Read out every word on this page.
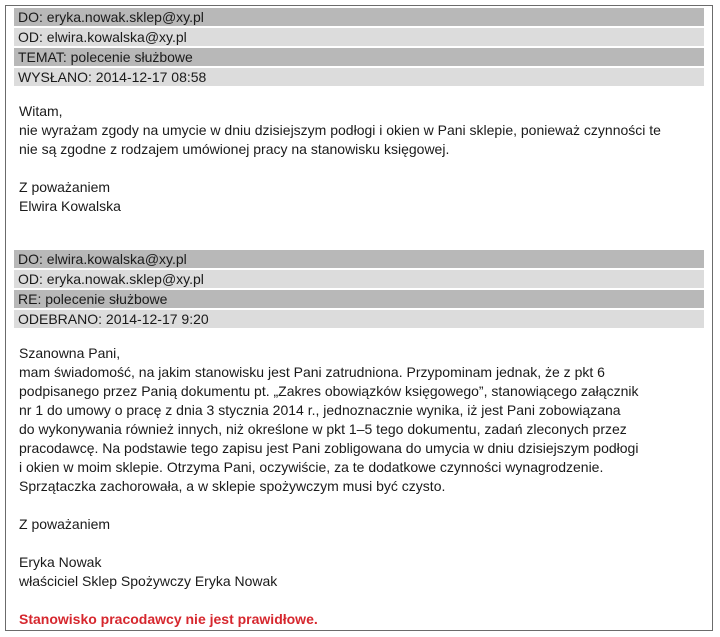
DO: eryka.nowak.sklep@xy.pl
OD: elwira.kowalska@xy.pl
TEMAT: polecenie służbowe
WYSŁANO: 2014-12-17 08:58

Witam,

nie wyrażam zgody na umycie w dniu dzisiejszym podłogi i okien w Pani sklepie, ponieważ czynności te

nie są zgodne z rodzajem umówionej pracy na stanowisku księgowej.

Z poważaniem

Elwira Kowalska

DO: elwira.kowalska@xy.pl
OD: eryka.nowak.sklep@xy.pl
RE: polecenie służbowe
ODEBRANO: 2014-12-17 9:20

Szanowna Pani,

mam świadomość, na jakim stanowisku jest Pani zatrudniona. Przypominam jednak, że z pkt 6

podpisanego przez Panią dokumentu pt. „Zakres obowiązków księgowego”, stanowiącego załącznik

nr 1 do umowy o pracę z dnia 3 stycznia 2014 r., jednoznacznie wynika, iż jest Pani zobowiązana

do wykonywania również innych, niż określone w pkt 1–5 tego dokumentu, zadań zleconych przez

pracodawcę. Na podstawie tego zapisu jest Pani zobligowana do umycia w dniu dzisiejszym podłogi

i okien w moim sklepie. Otrzyma Pani, oczywiście, za te dodatkowe czynności wynagrodzenie.

Sprzątaczka zachorowała, a w sklepie spożywczym musi być czysto.

Z poważaniem

Eryka Nowak

właściciel Sklep Spożywczy Eryka Nowak

Stanowisko pracodawcy nie jest prawidłowe.
